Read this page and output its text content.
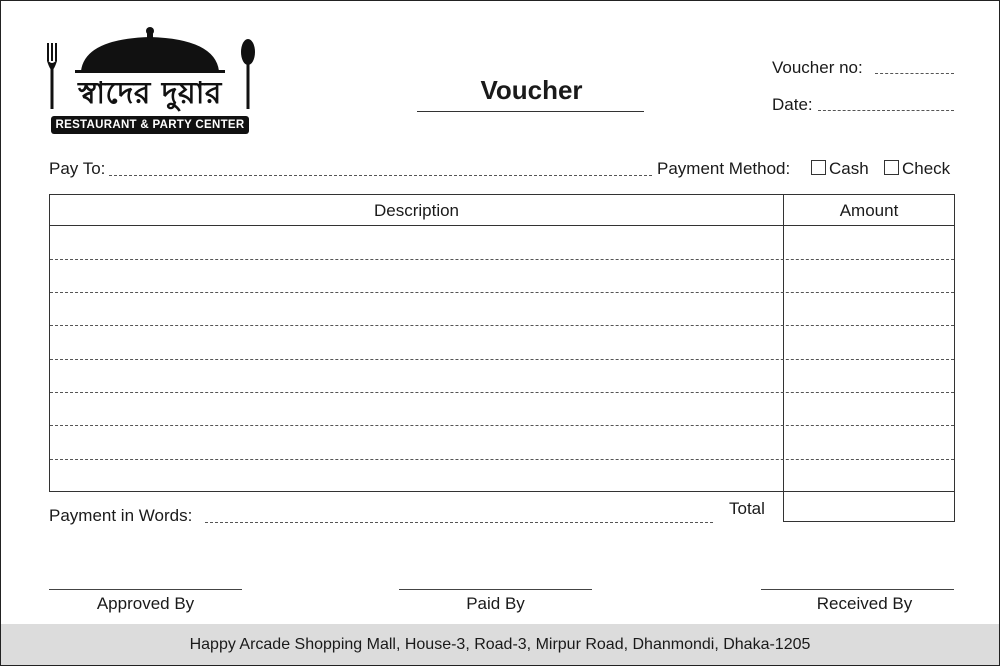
স্বাদের দুয়ার
RESTAURANT & PARTY CENTER
Voucher
Voucher no:
Date:
Pay To:	Payment Method:	Cash	Check
Description	Amount
Total
Payment in Words:
Approved By	Paid By	Received By
Happy Arcade Shopping Mall, House-3, Road-3, Mirpur Road, Dhanmondi, Dhaka-1205
